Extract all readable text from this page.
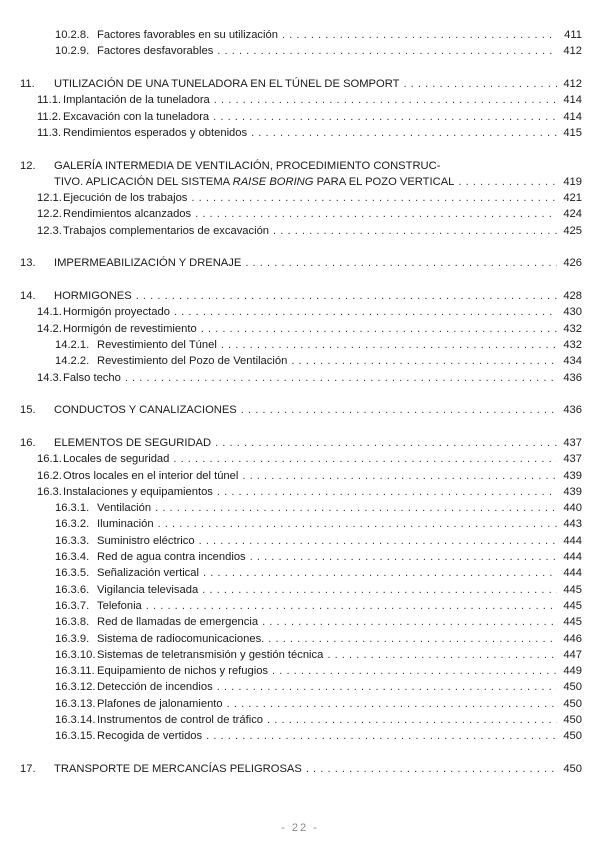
10.2.8. Factores favorables en su utilización . . .	411
10.2.9. Factores desfavorables . . .	412
11. UTILIZACIÓN DE UNA TUNELADORA EN EL TÚNEL DE SOMPORT . . .	412
11.1. Implantación de la tuneladora . . .	414
11.2. Excavación con la tuneladora . . .	414
11.3. Rendimientos esperados y obtenidos . . .	415
12. GALERÍA INTERMEDIA DE VENTILACIÓN, PROCEDIMIENTO CONSTRUC-
TIVO. APLICACIÓN DEL SISTEMA RAISE BORING PARA EL POZO VERTICAL . . .	419
12.1. Ejecución de los trabajos . . .	421
12.2. Rendimientos alcanzados . . .	424
12.3. Trabajos complementarios de excavación . . .	425
13. IMPERMEABILIZACIÓN Y DRENAJE . . .	426
14. HORMIGONES . . .	428
14.1. Hormigón proyectado . . .	430
14.2. Hormigón de revestimiento . . .	432
14.2.1. Revestimiento del Túnel . . .	432
14.2.2. Revestimiento del Pozo de Ventilación . . .	434
14.3. Falso techo . . .	436
15. CONDUCTOS Y CANALIZACIONES . . .	436
16. ELEMENTOS DE SEGURIDAD . . .	437
16.1. Locales de seguridad . . .	437
16.2. Otros locales en el interior del túnel . . .	439
16.3. Instalaciones y equipamientos . . .	439
16.3.1. Ventilación . . .	440
16.3.2. Iluminación . . .	443
16.3.3. Suministro eléctrico . . .	444
16.3.4. Red de agua contra incendios . . .	444
16.3.5. Señalización vertical . . .	444
16.3.6. Vigilancia televisada . . .	445
16.3.7. Telefonia . . .	445
16.3.8. Red de llamadas de emergencia . . .	445
16.3.9. Sistema de radiocomunicaciones. . . .	446
16.3.10. Sistemas de teletransmisión y gestión técnica . . .	447
16.3.11. Equipamiento de nichos y refugios . . .	449
16.3.12. Detección de incendios . . .	450
16.3.13. Plafones de jalonamiento . . .	450
16.3.14. Instrumentos de control de tráfico . . .	450
16.3.15. Recogida de vertidos . . .	450
17. TRANSPORTE DE MERCANCÍAS PELIGROSAS . . .	450
- 22 -
